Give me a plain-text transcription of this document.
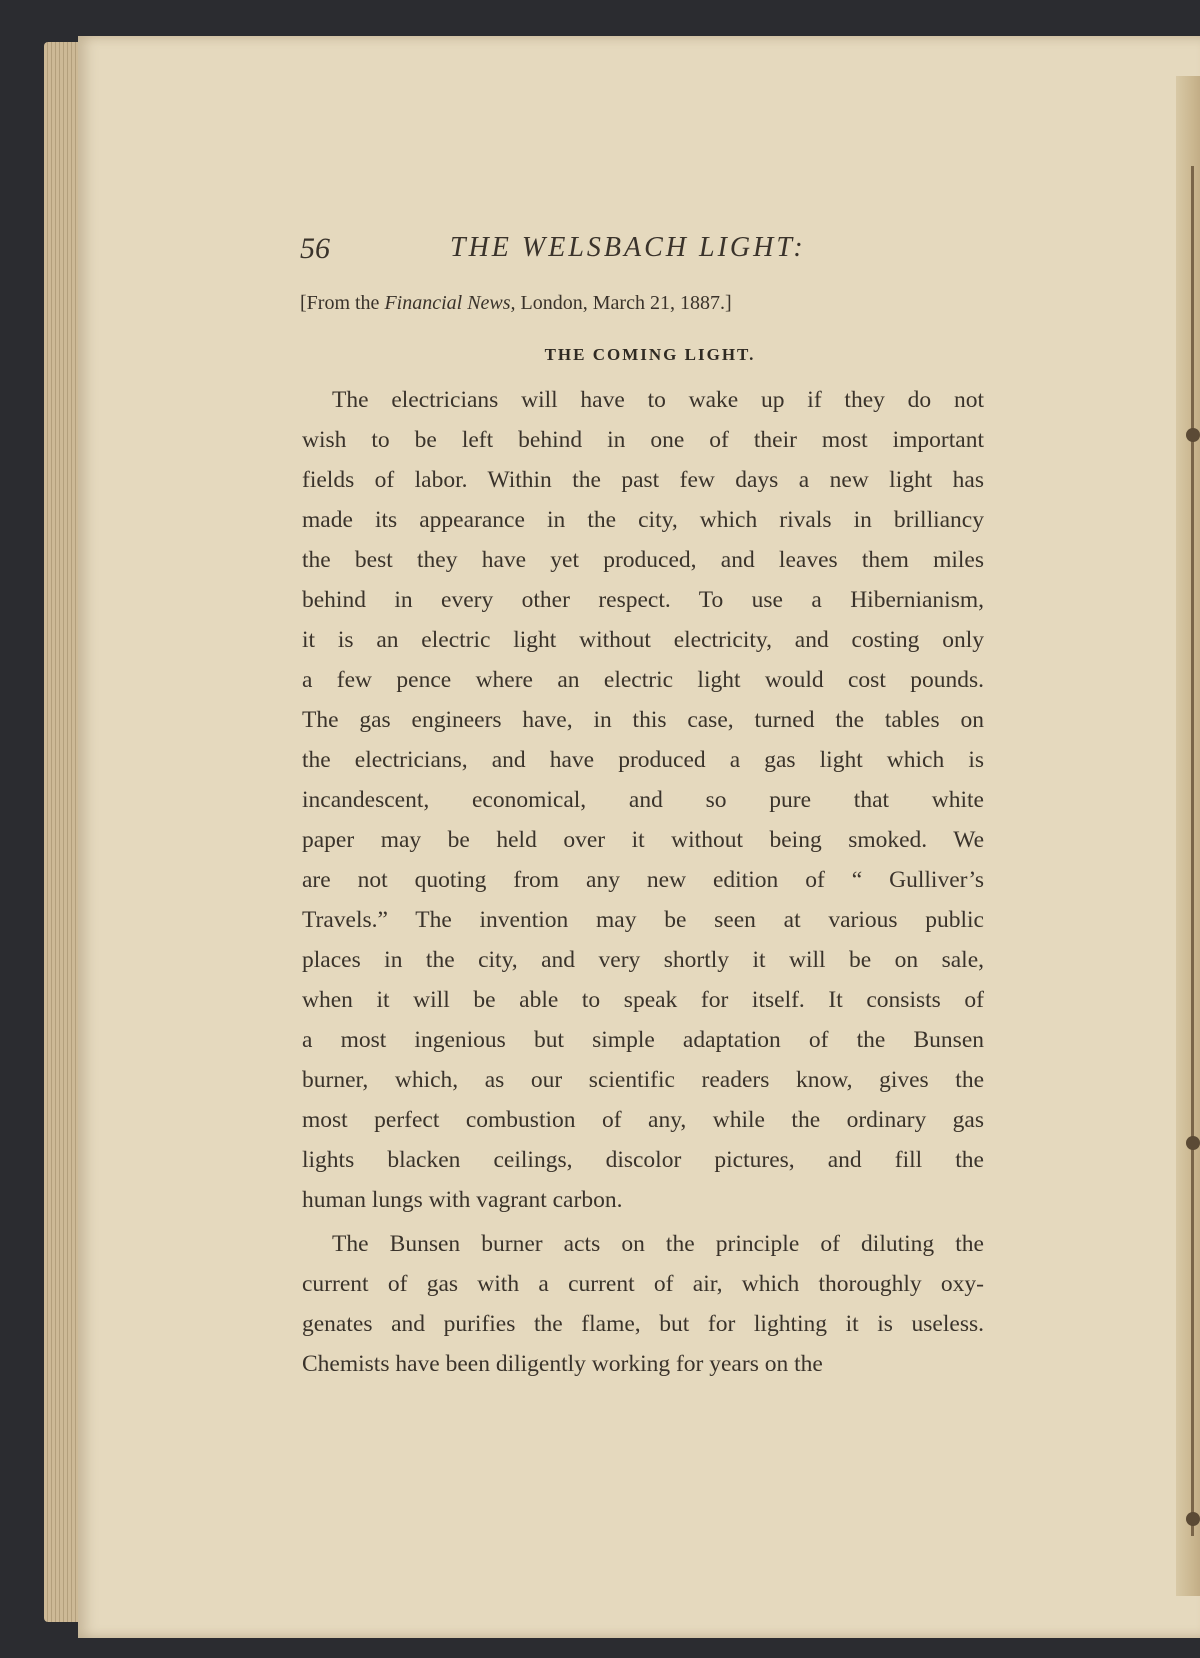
56	THE WELSBACH LIGHT:
[From the Financial News, London, March 21, 1887.]
THE COMING LIGHT.
The electricians will have to wake up if they do not
wish to be left behind in one of their most important
fields of labor. Within the past few days a new light has
made its appearance in the city, which rivals in brilliancy
the best they have yet produced, and leaves them miles
behind in every other respect. To use a Hibernianism,
it is an electric light without electricity, and costing only
a few pence where an electric light would cost pounds.
The gas engineers have, in this case, turned the tables on
the electricians, and have produced a gas light which is
incandescent, economical, and so pure that white
paper may be held over it without being smoked. We
are not quoting from any new edition of “ Gulliver’s
Travels.” The invention may be seen at various public
places in the city, and very shortly it will be on sale,
when it will be able to speak for itself. It consists of
a most ingenious but simple adaptation of the Bunsen
burner, which, as our scientific readers know, gives the
most perfect combustion of any, while the ordinary gas
lights blacken ceilings, discolor pictures, and fill the
human lungs with vagrant carbon.
The Bunsen burner acts on the principle of diluting the
current of gas with a current of air, which thoroughly oxy-
genates and purifies the flame, but for lighting it is useless.
Chemists have been diligently working for years on the
